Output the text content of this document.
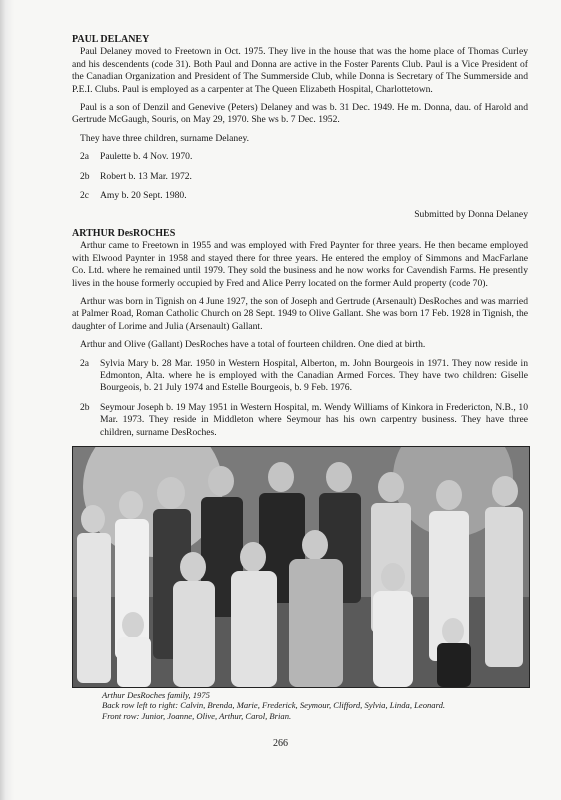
PAUL DELANEY

Paul Delaney moved to Freetown in Oct. 1975. They live in the house that was the home place of Thomas Curley and his descendents (code 31). Both Paul and Donna are active in the Foster Parents Club. Paul is a Vice President of the Canadian Organization and President of The Summerside Club, while Donna is Secretary of The Summerside and P.E.I. Clubs. Paul is employed as a carpenter at The Queen Elizabeth Hospital, Charlottetown.

Paul is a son of Denzil and Genevive (Peters) Delaney and was b. 31 Dec. 1949. He m. Donna, dau. of Harold and Gertrude McGaugh, Souris, on May 29, 1970. She ws b. 7 Dec. 1952.

They have three children, surname Delaney.

2a	Paulette b. 4 Nov. 1970.
2b	Robert b. 13 Mar. 1972.
2c	Amy b. 20 Sept. 1980.
Submitted by Donna Delaney

ARTHUR DesROCHES

Arthur came to Freetown in 1955 and was employed with Fred Paynter for three years. He then became employed with Elwood Paynter in 1958 and stayed there for three years. He entered the employ of Simmons and MacFarlane Co. Ltd. where he remained until 1979. They sold the business and he now works for Cavendish Farms. He presently lives in the house formerly occupied by Fred and Alice Perry located on the former Auld property (code 70).

Arthur was born in Tignish on 4 June 1927, the son of Joseph and Gertrude (Arsenault) DesRoches and was married at Palmer Road, Roman Catholic Church on 28 Sept. 1949 to Olive Gallant. She was born 17 Feb. 1928 in Tignish, the daughter of Lorime and Julia (Arsenault) Gallant.

Arthur and Olive (Gallant) DesRoches have a total of fourteen children. One died at birth.

2a	Sylvia Mary b. 28 Mar. 1950 in Western Hospital, Alberton, m. John Bourgeois in 1971. They now reside in Edmonton, Alta. where he is employed with the Canadian Armed Forces. They have two children: Giselle Bourgeois, b. 21 July 1974 and Estelle Bourgeois, b. 9 Feb. 1976.
2b	Seymour Joseph b. 19 May 1951 in Western Hospital, m. Wendy Williams of Kinkora in Fredericton, N.B., 10 Mar. 1973. They reside in Middleton where Seymour has his own carpentry business. They have three children, surname DesRoches.
Arthur DesRoches family, 1975
Back row left to right: Calvin, Brenda, Marie, Frederick, Seymour, Clifford, Sylvia, Linda, Leonard.
Front row: Junior, Joanne, Olive, Arthur, Carol, Brian.
266
